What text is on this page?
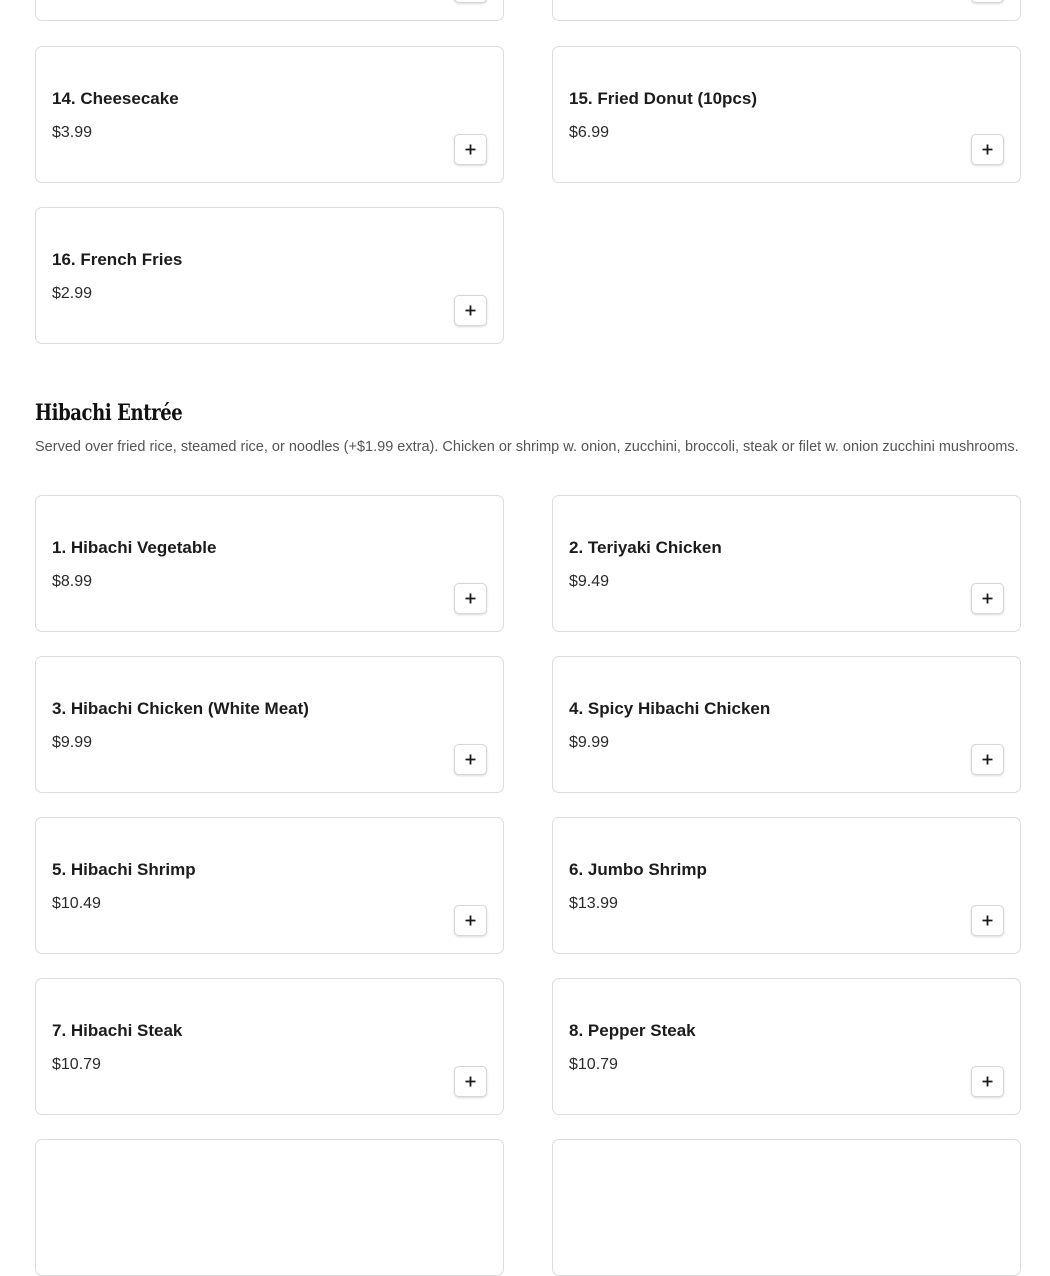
14. Cheesecake
$3.99
15. Fried Donut (10pcs)
$6.99
16. French Fries
$2.99
Hibachi Entrée

Served over fried rice, steamed rice, or noodles (+$1.99 extra). Chicken or shrimp w. onion, zucchini, broccoli, steak or filet w. onion zucchini mushrooms.

1. Hibachi Vegetable
$8.99
2. Teriyaki Chicken
$9.49
3. Hibachi Chicken (White Meat)
$9.99
4. Spicy Hibachi Chicken
$9.99
5. Hibachi Shrimp
$10.49
6. Jumbo Shrimp
$13.99
7. Hibachi Steak
$10.79
8. Pepper Steak
$10.79
